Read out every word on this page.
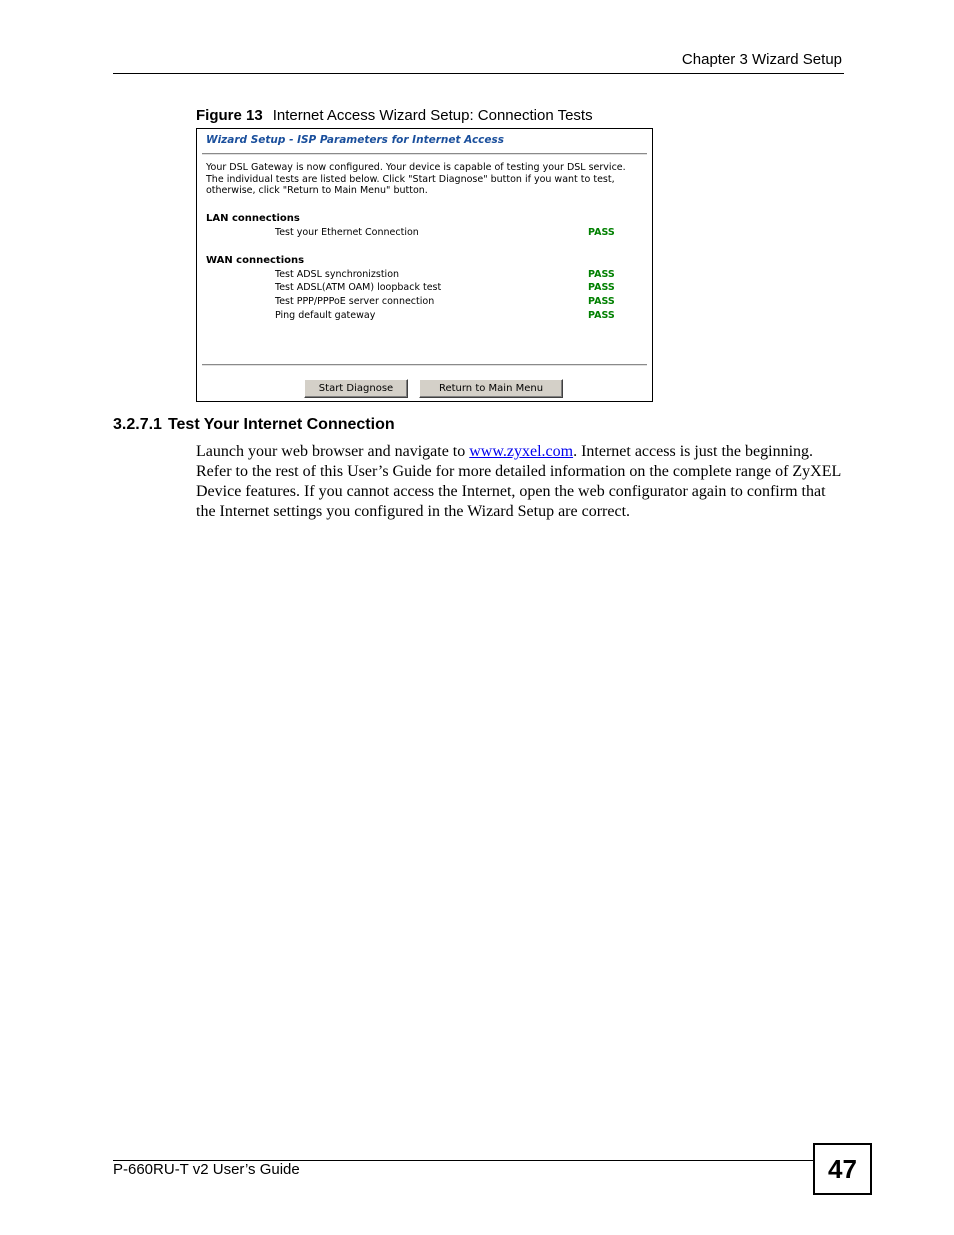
Chapter 3 Wizard Setup
Figure 13 Internet Access Wizard Setup: Connection Tests
Wizard Setup - ISP Parameters for Internet Access
Your DSL Gateway is now configured. Your device is capable of testing your DSL service. The individual tests are listed below. Click "Start Diagnose" button if you want to test, otherwise, click "Return to Main Menu" button.
LAN connections
Test your Ethernet Connection	PASS
WAN connections
Test ADSL synchronizstion	PASS
Test ADSL(ATM OAM) loopback test	PASS
Test PPP/PPPoE server connection	PASS
Ping default gateway	PASS
Start Diagnose	Return to Main Menu
3.2.7.1 Test Your Internet Connection
Launch your web browser and navigate to www.zyxel.com. Internet access is just the beginning. Refer to the rest of this User’s Guide for more detailed information on the complete range of ZyXEL Device features. If you cannot access the Internet, open the web configurator again to confirm that the Internet settings you configured in the Wizard Setup are correct.
P-660RU-T v2 User’s Guide	47
